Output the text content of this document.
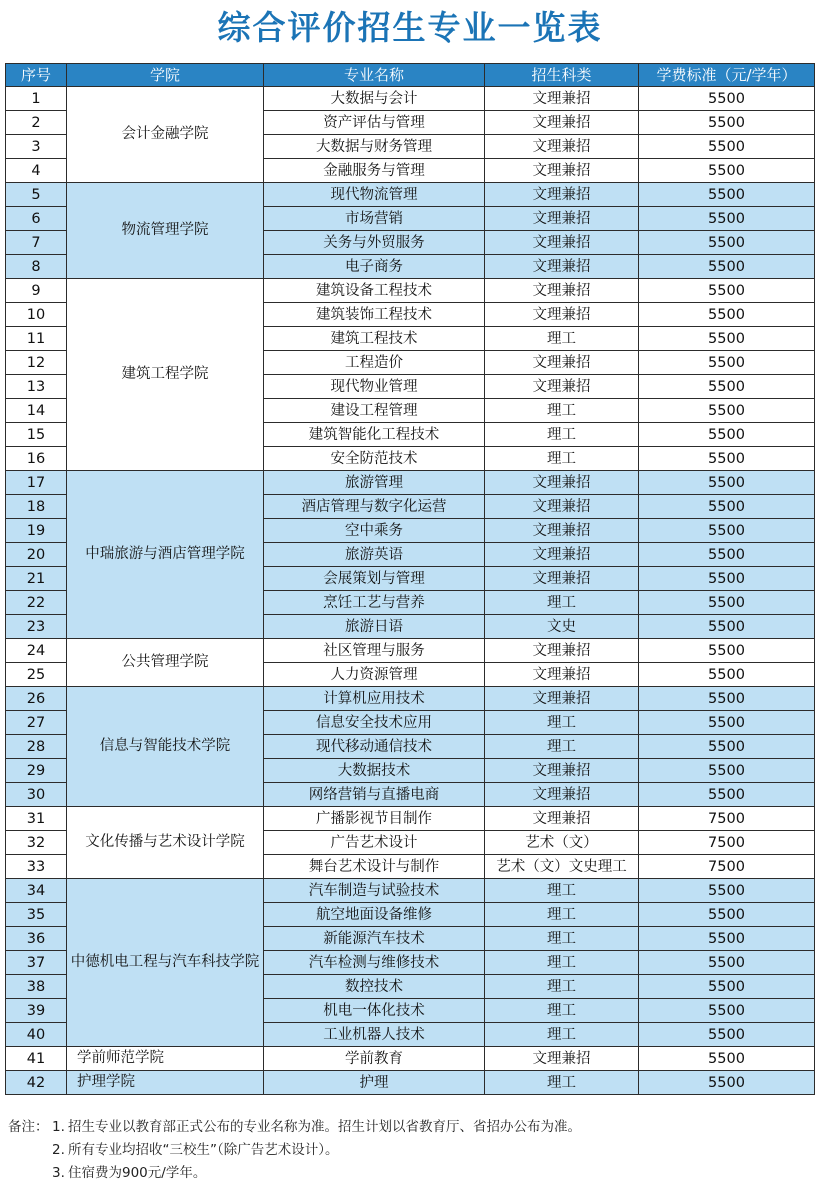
综合评价招生专业一览表
序号	学院	专业名称	招生科类	学费标准（元/学年）
1	会计金融学院	大数据与会计	文理兼招	5500
2		资产评估与管理	文理兼招	5500
3		大数据与财务管理	文理兼招	5500
4		金融服务与管理	文理兼招	5500
5	物流管理学院	现代物流管理	文理兼招	5500
6		市场营销	文理兼招	5500
7		关务与外贸服务	文理兼招	5500
8		电子商务	文理兼招	5500
9	建筑工程学院	建筑设备工程技术	文理兼招	5500
10		建筑装饰工程技术	文理兼招	5500
11		建筑工程技术	理工	5500
12		工程造价	文理兼招	5500
13		现代物业管理	文理兼招	5500
14		建设工程管理	理工	5500
15		建筑智能化工程技术	理工	5500
16		安全防范技术	理工	5500
17	中瑞旅游与酒店管理学院	旅游管理	文理兼招	5500
18		酒店管理与数字化运营	文理兼招	5500
19		空中乘务	文理兼招	5500
20		旅游英语	文理兼招	5500
21		会展策划与管理	文理兼招	5500
22		烹饪工艺与营养	理工	5500
23		旅游日语	文史	5500
24	公共管理学院	社区管理与服务	文理兼招	5500
25		人力资源管理	文理兼招	5500
26	信息与智能技术学院	计算机应用技术	文理兼招	5500
27		信息安全技术应用	理工	5500
28		现代移动通信技术	理工	5500
29		大数据技术	文理兼招	5500
30		网络营销与直播电商	文理兼招	5500
31	文化传播与艺术设计学院	广播影视节目制作	文理兼招	7500
32		广告艺术设计	艺术（文）	7500
33		舞台艺术设计与制作	艺术（文）文史理工	7500
34	中德机电工程与汽车科技学院	汽车制造与试验技术	理工	5500
35		航空地面设备维修	理工	5500
36		新能源汽车技术	理工	5500
37		汽车检测与维修技术	理工	5500
38		数控技术	理工	5500
39		机电一体化技术	理工	5500
40		工业机器人技术	理工	5500
41	学前师范学院	学前教育	文理兼招	5500
42	护理学院	护理	理工	5500
备注： 1. 招生专业以教育部正式公布的专业名称为准。招生计划以省教育厅、省招办公布为准。
2. 所有专业均招收“三校生”（除广告艺术设计）。
3. 住宿费为900元/学年。
